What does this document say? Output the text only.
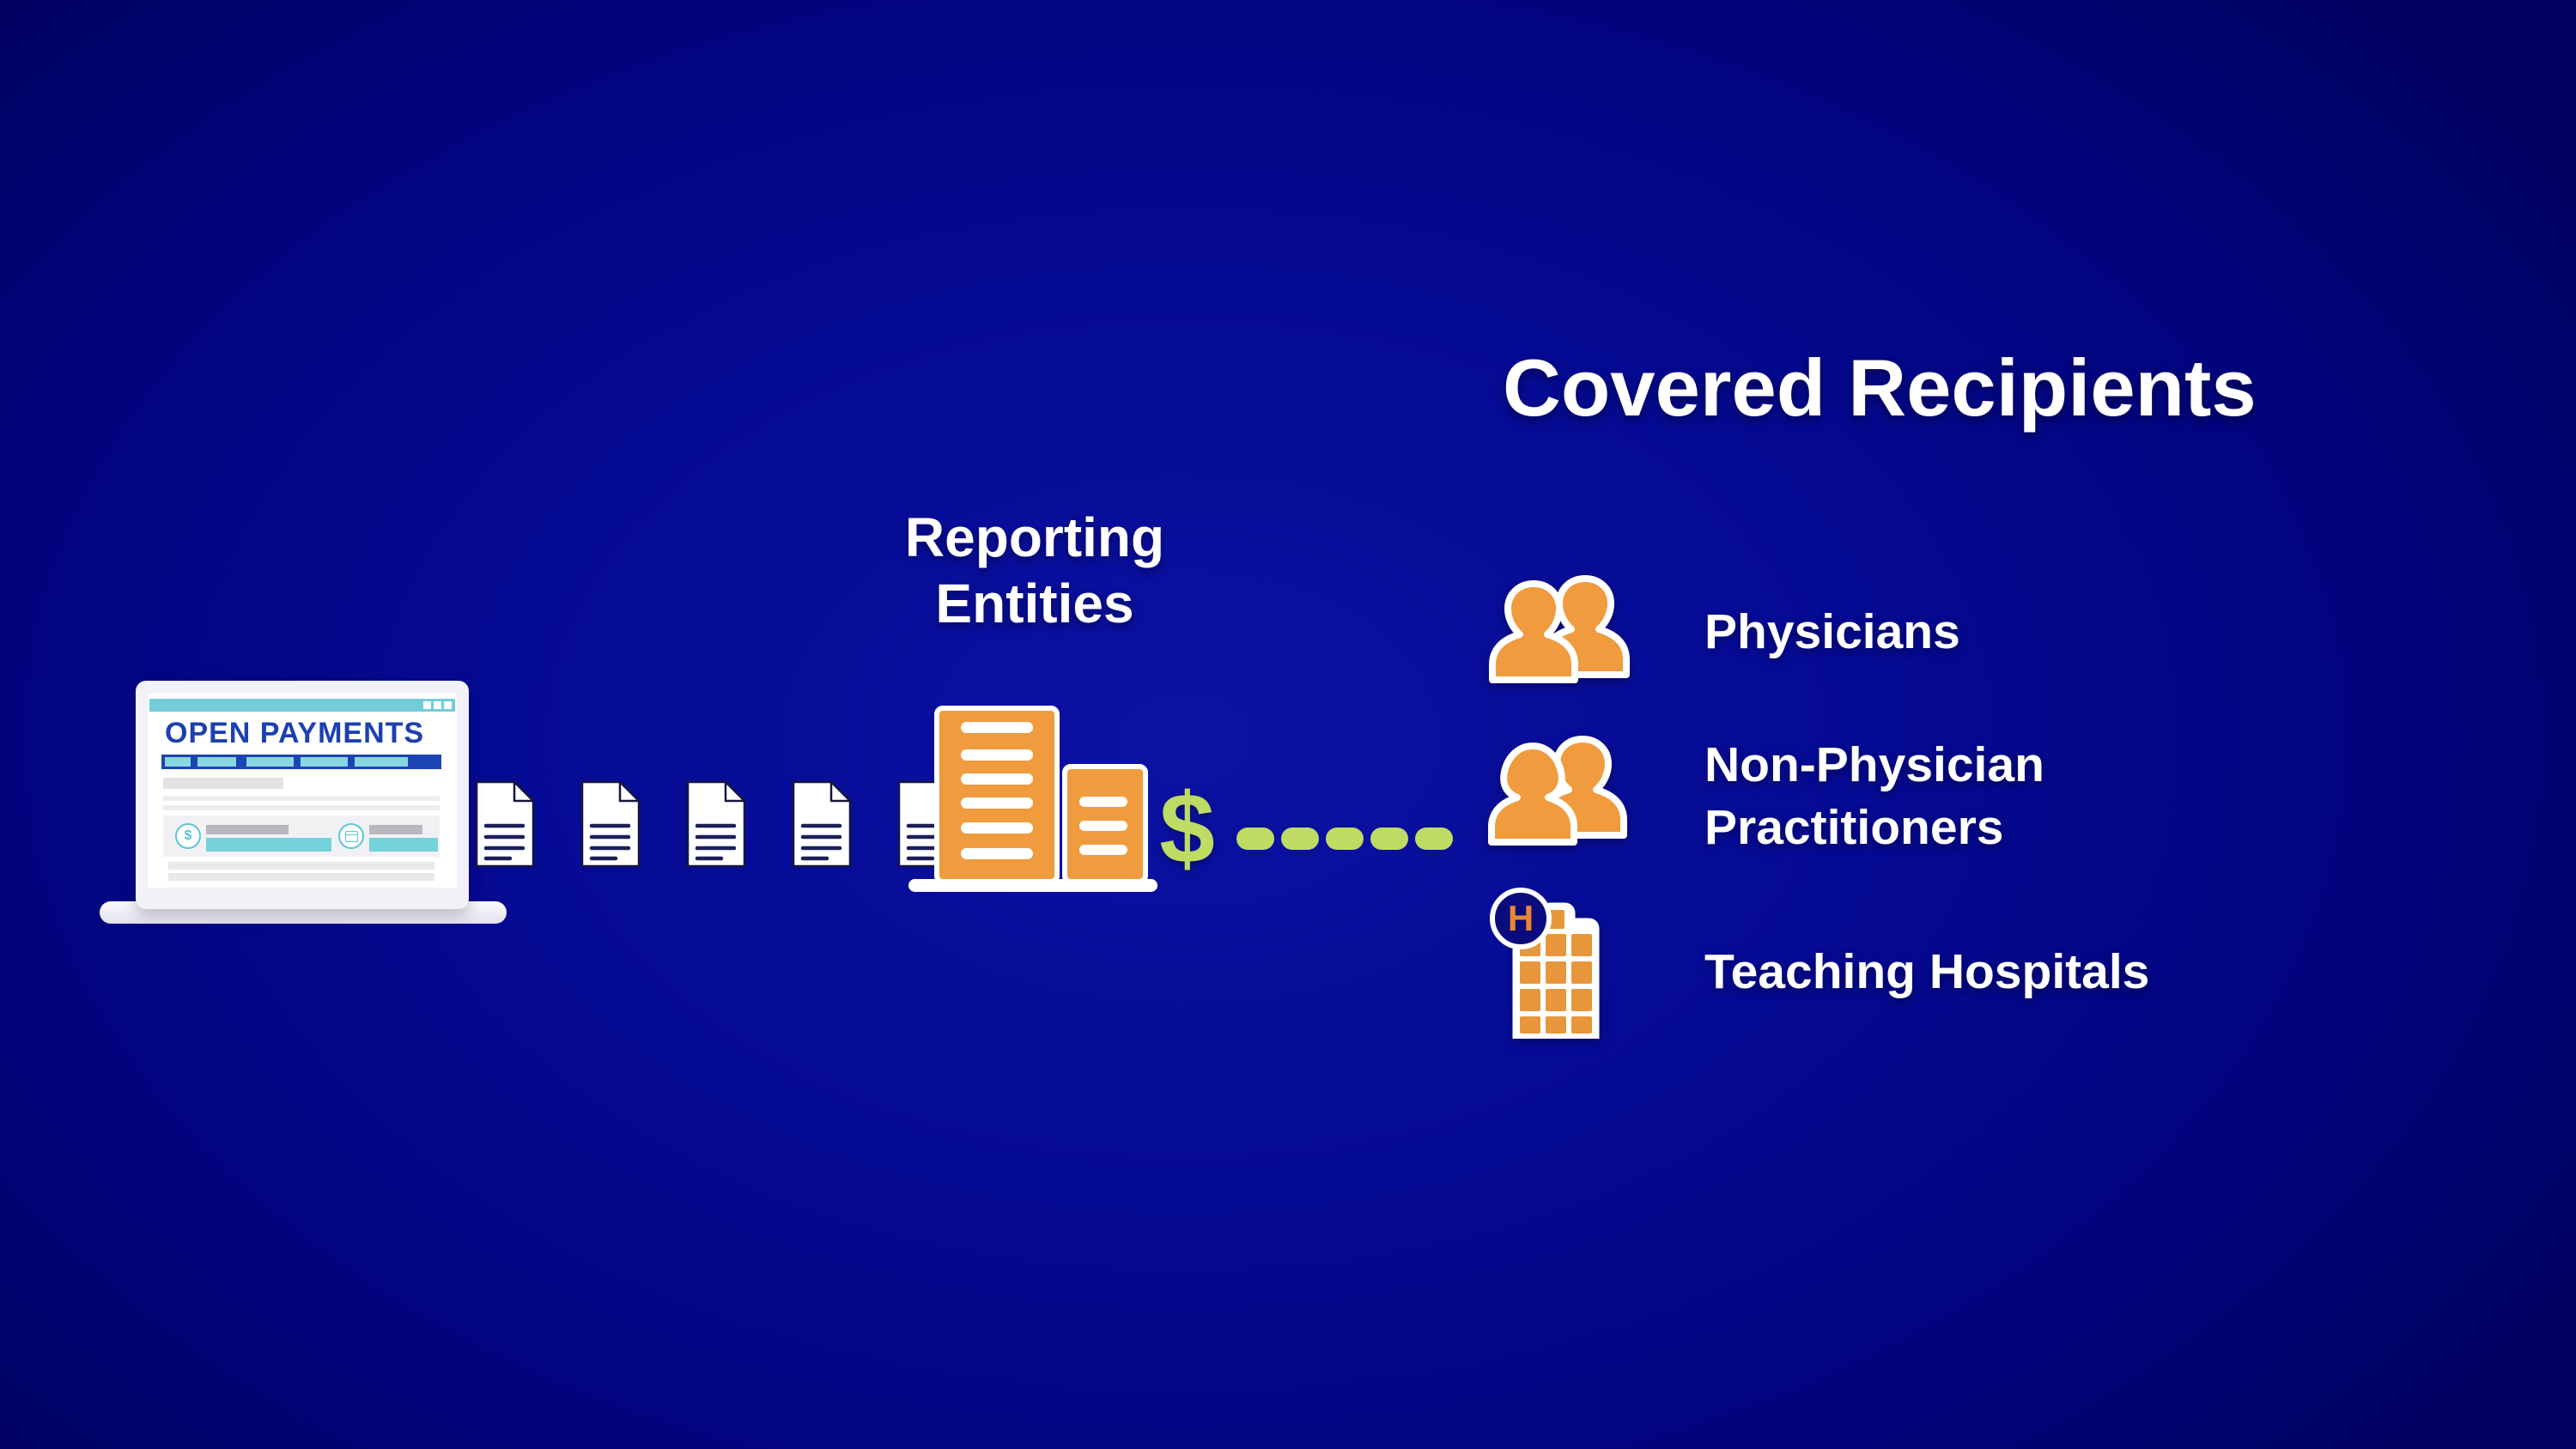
OPEN PAYMENTS
$
Reporting
Entities
$
Covered Recipients
Physicians
Non-Physician
Practitioners
H
Teaching Hospitals
